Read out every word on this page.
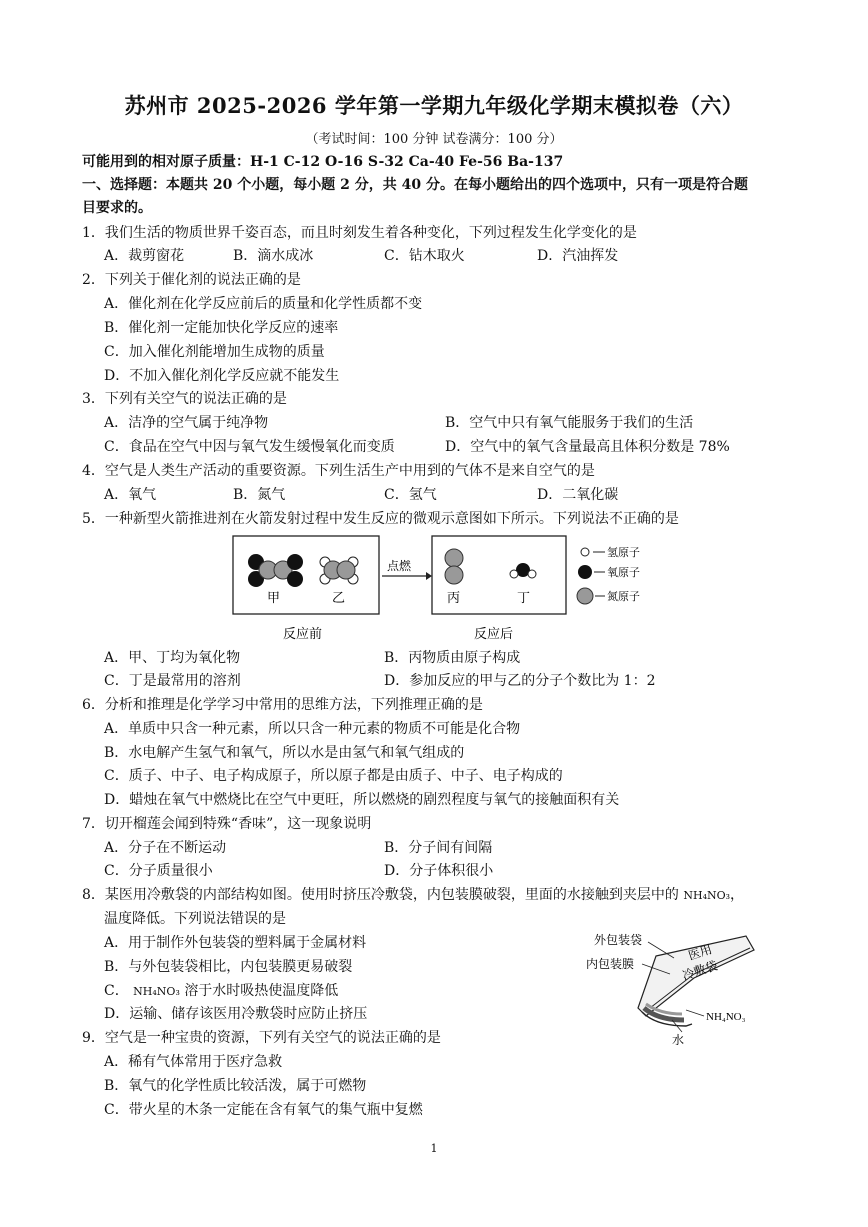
苏州市 2025-2026 学年第一学期九年级化学期末模拟卷（六）
（考试时间：100 分钟 试卷满分：100 分）
可能用到的相对原子质量：H-1 C-12 O-16 S-32 Ca-40 Fe-56 Ba-137
一、选择题：本题共 20 个小题，每小题 2 分，共 40 分。在每小题给出的四个选项中，只有一项是符合题
目要求的。
1．我们生活的物质世界千姿百态，而且时刻发生着各种变化，下列过程发生化学变化的是
A．裁剪窗花	B．滴水成冰	C．钻木取火	D．汽油挥发
2．下列关于催化剂的说法正确的是
A．催化剂在化学反应前后的质量和化学性质都不变
B．催化剂一定能加快化学反应的速率
C．加入催化剂能增加生成物的质量
D．不加入催化剂化学反应就不能发生
3．下列有关空气的说法正确的是
A．洁净的空气属于纯净物	B．空气中只有氧气能服务于我们的生活
C．食品在空气中因与氧气发生缓慢氧化而变质	D．空气中的氧气含量最高且体积分数是 78%
4．空气是人类生产活动的重要资源。下列生活生产中用到的气体不是来自空气的是
A．氧气	B．氮气	C．氢气	D．二氧化碳
5．一种新型火箭推进剂在火箭发射过程中发生反应的微观示意图如下所示。下列说法不正确的是
甲	乙
点燃
丙	丁
氢原子
氧原子
氮原子
反应前	反应后
A．甲、丁均为氧化物	B．丙物质由原子构成
C．丁是最常用的溶剂	D．参加反应的甲与乙的分子个数比为 1：2
6．分析和推理是化学学习中常用的思维方法，下列推理正确的是
A．单质中只含一种元素，所以只含一种元素的物质不可能是化合物
B．水电解产生氢气和氧气，所以水是由氢气和氧气组成的
C．质子、中子、电子构成原子，所以原子都是由质子、中子、电子构成的
D．蜡烛在氧气中燃烧比在空气中更旺，所以燃烧的剧烈程度与氧气的接触面积有关
7．切开榴莲会闻到特殊“香味”，这一现象说明
A．分子在不断运动	B．分子间有间隔
C．分子质量很小	D．分子体积很小
8．某医用冷敷袋的内部结构如图。使用时挤压冷敷袋，内包装膜破裂，里面的水接触到夹层中的 NH₄NO₃，
温度降低。下列说法错误的是
A．用于制作外包装袋的塑料属于金属材料
B．与外包装袋相比，内包装膜更易破裂
C． NH₄NO₃ 溶于水时吸热使温度降低
D．运输、储存该医用冷敷袋时应防止挤压
外包装袋
内包装膜
医用
冷敷袋
NH₄NO₃
水
9．空气是一种宝贵的资源，下列有关空气的说法正确的是
A．稀有气体常用于医疗急救
B．氧气的化学性质比较活泼，属于可燃物
C．带火星的木条一定能在含有氧气的集气瓶中复燃
1
